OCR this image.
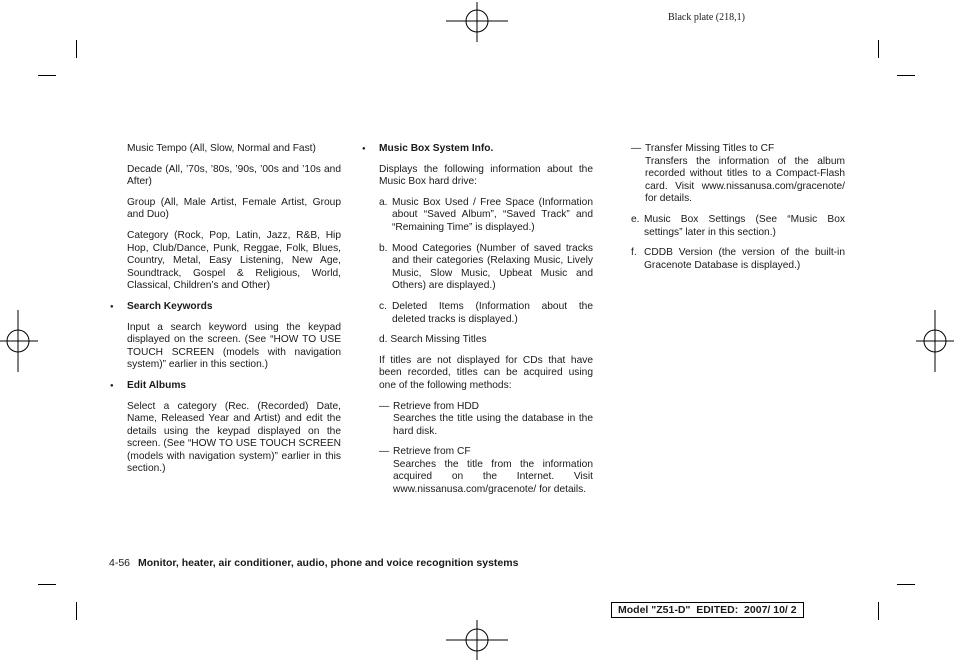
Black plate (218,1)

Music Tempo (All, Slow, Normal and Fast)

Decade (All, ’70s, ’80s, ’90s, ’00s and ’10s and After)

Group (All, Male Artist, Female Artist, Group and Duo)

Category (Rock, Pop, Latin, Jazz, R&B, Hip Hop, Club/Dance, Punk, Reggae, Folk, Blues, Country, Metal, Easy Listening, New Age, Soundtrack, Gospel & Religious, World, Classical, Children’s and Other)

● Search Keywords

Input a search keyword using the keypad displayed on the screen. (See “HOW TO USE TOUCH SCREEN (models with navigation system)” earlier in this section.)

● Edit Albums

Select a category (Rec. (Recorded) Date, Name, Released Year and Artist) and edit the details using the keypad displayed on the screen. (See “HOW TO USE TOUCH SCREEN (models with navigation system)” earlier in this section.)

● Music Box System Info.

Displays the following information about the Music Box hard drive:

a. Music Box Used / Free Space (Information about “Saved Album”, “Saved Track” and “Remaining Time” is displayed.)
b. Mood Categories (Number of saved tracks and their categories (Relaxing Music, Lively Music, Slow Music, Upbeat Music and Others) are displayed.)
c. Deleted Items (Information about the deleted tracks is displayed.)

d. Search Missing Titles

If titles are not displayed for CDs that have been recorded, titles can be acquired using one of the following methods:

— Retrieve from HDD
Searches the title using the database in the hard disk.
— Retrieve from CF
Searches the title from the information acquired on the Internet. Visit www.nissanusa.com/gracenote/ for details.
— Transfer Missing Titles to CF
Transfers the information of the album recorded without titles to a Compact-Flash card. Visit www.nissanusa.com/gracenote/ for details.
e. Music Box Settings (See “Music Box settings” later in this section.)
f. CDDB Version (the version of the built-in Gracenote Database is displayed.)
4-56 Monitor, heater, air conditioner, audio, phone and voice recognition systems
Model "Z51-D"  EDITED:  2007/ 10/ 2
